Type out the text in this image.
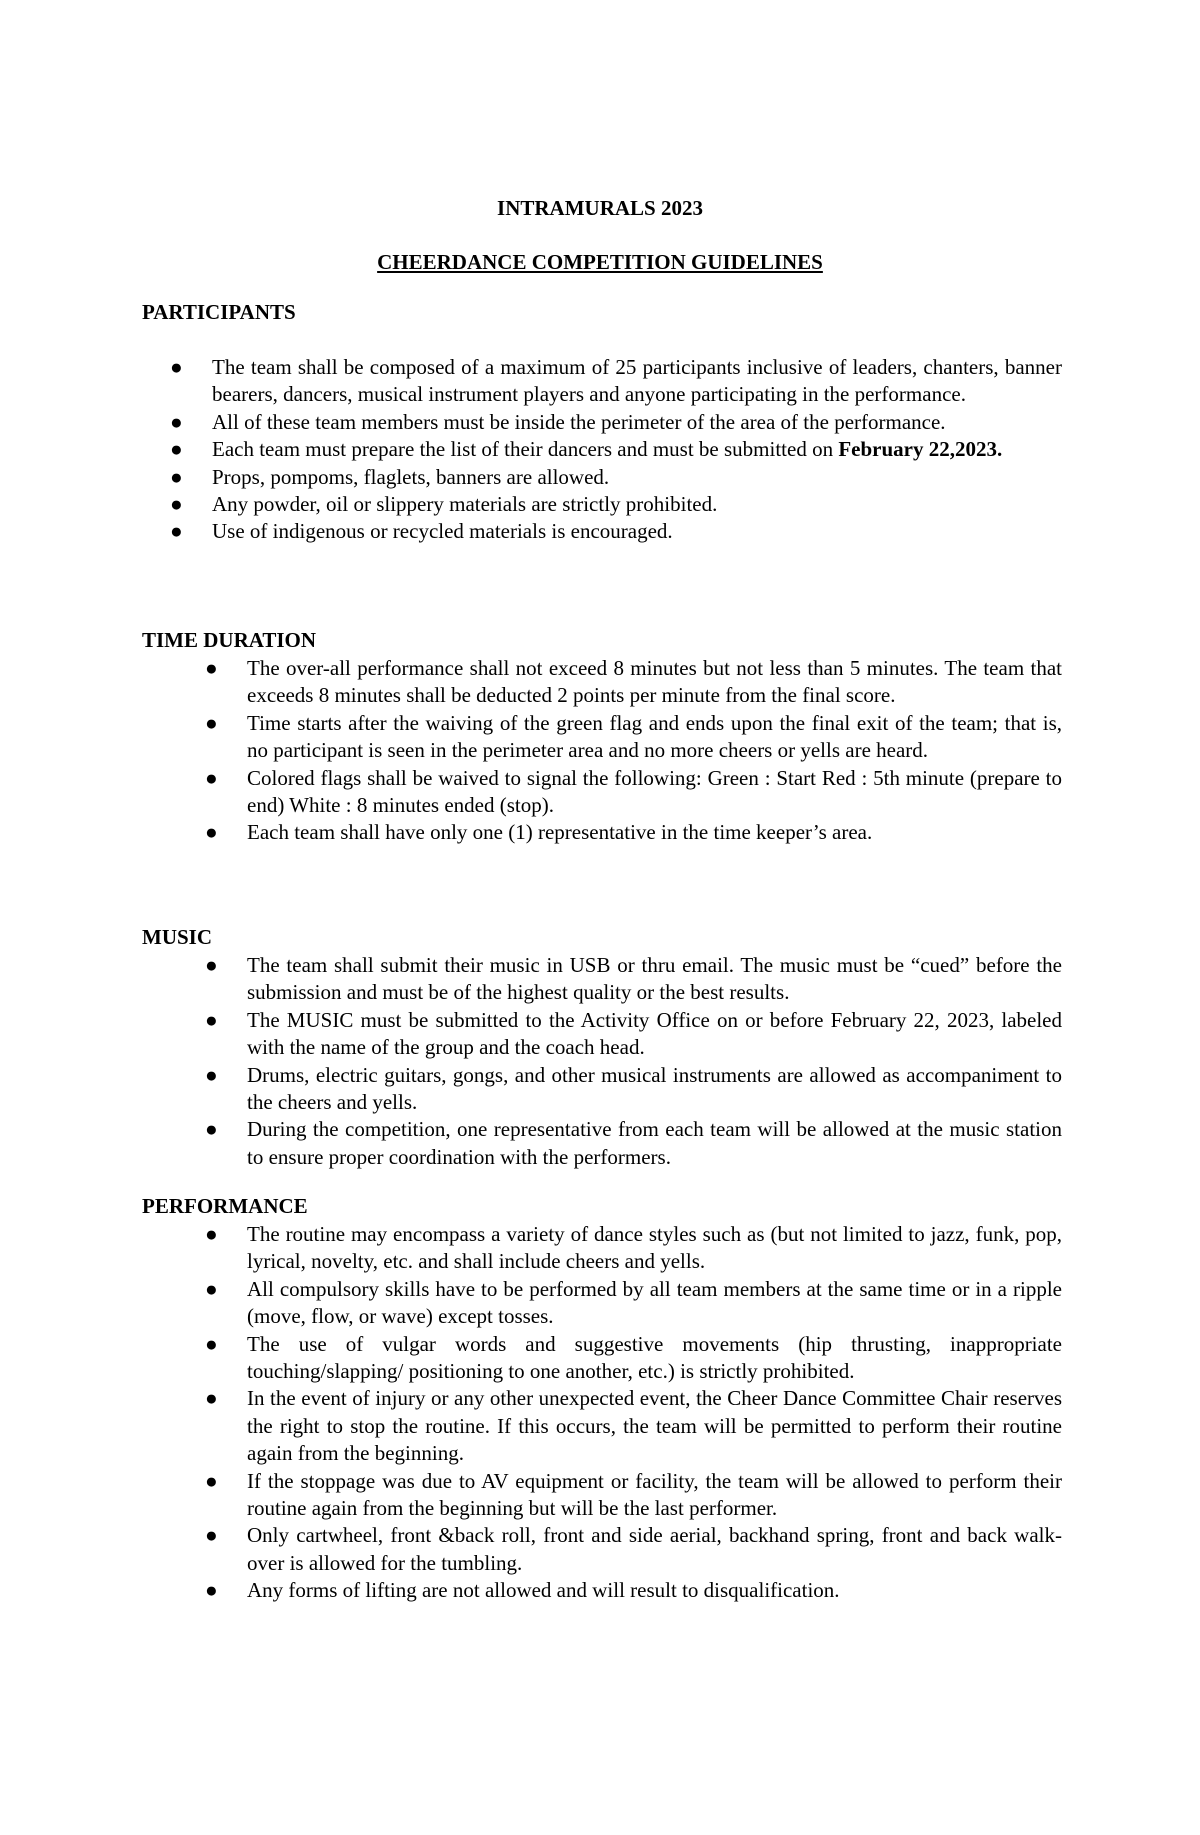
INTRAMURALS 2023
CHEERDANCE COMPETITION GUIDELINES
PARTICIPANTS
● The team shall be composed of a maximum of 25 participants inclusive of leaders, chanters, banner bearers, dancers, musical instrument players and anyone participating in the performance.
● All of these team members must be inside the perimeter of the area of the performance.
● Each team must prepare the list of their dancers and must be submitted on February 22,2023.
● Props, pompoms, flaglets, banners are allowed.
● Any powder, oil or slippery materials are strictly prohibited.
● Use of indigenous or recycled materials is encouraged.
TIME DURATION
● The over-all performance shall not exceed 8 minutes but not less than 5 minutes. The team that exceeds 8 minutes shall be deducted 2 points per minute from the final score.
● Time starts after the waiving of the green flag and ends upon the final exit of the team; that is, no participant is seen in the perimeter area and no more cheers or yells are heard.
● Colored flags shall be waived to signal the following: Green : Start Red : 5th minute (prepare to end) White : 8 minutes ended (stop).
● Each team shall have only one (1) representative in the time keeper’s area.
MUSIC
● The team shall submit their music in USB or thru email. The music must be “cued” before the submission and must be of the highest quality or the best results.
● The MUSIC must be submitted to the Activity Office on or before February 22, 2023, labeled with the name of the group and the coach head.
● Drums, electric guitars, gongs, and other musical instruments are allowed as accompaniment to the cheers and yells.
● During the competition, one representative from each team will be allowed at the music station to ensure proper coordination with the performers.
PERFORMANCE
● The routine may encompass a variety of dance styles such as (but not limited to jazz, funk, pop, lyrical, novelty, etc. and shall include cheers and yells.
● All compulsory skills have to be performed by all team members at the same time or in a ripple (move, flow, or wave) except tosses.
● The use of vulgar words and suggestive movements (hip thrusting, inappropriate touching/slapping/ positioning to one another, etc.) is strictly prohibited.
● In the event of injury or any other unexpected event, the Cheer Dance Committee Chair reserves the right to stop the routine. If this occurs, the team will be permitted to perform their routine again from the beginning.
● If the stoppage was due to AV equipment or facility, the team will be allowed to perform their routine again from the beginning but will be the last performer.
● Only cartwheel, front &back roll, front and side aerial, backhand spring, front and back walk-over is allowed for the tumbling.
● Any forms of lifting are not allowed and will result to disqualification.
